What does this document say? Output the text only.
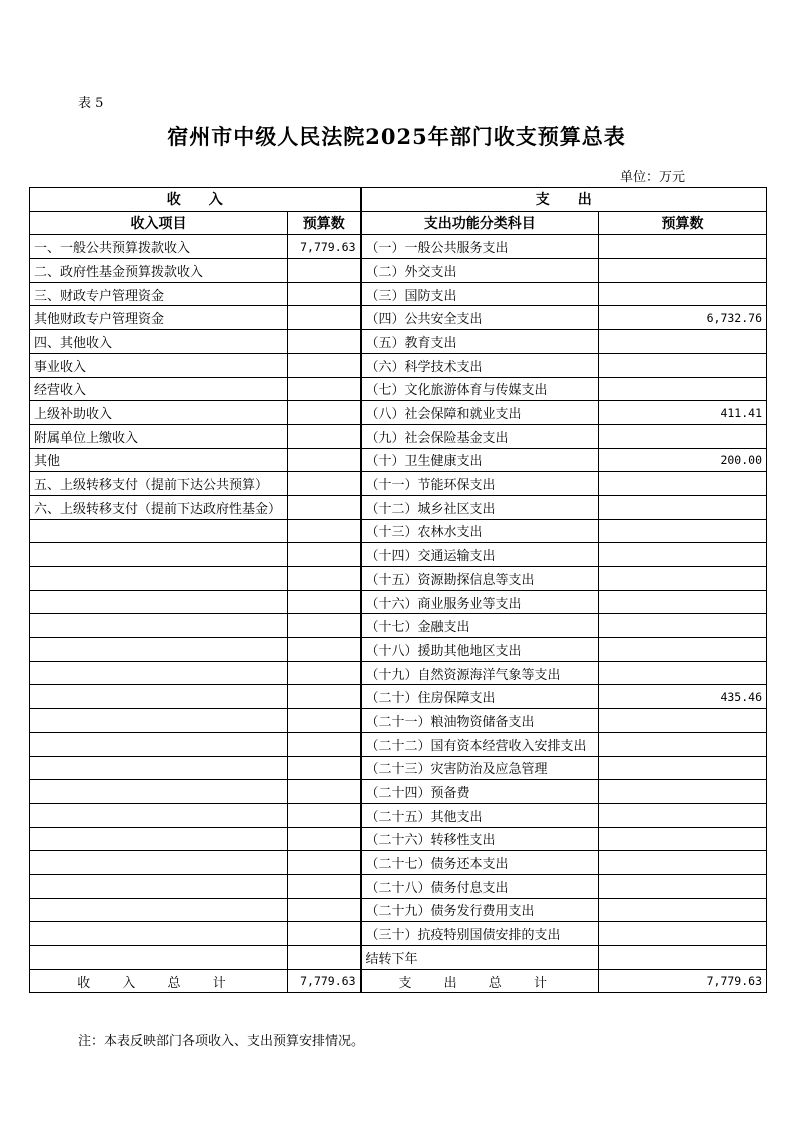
表 5
宿州市中级人民法院2025年部门收支预算总表
单位：万元
收　　入		支　　出	
收入项目	预算数	支出功能分类科目	预算数
一、一般公共预算拨款收入	7,779.63	（一）一般公共服务支出	
二、政府性基金预算拨款收入		（二）外交支出	
三、财政专户管理资金		（三）国防支出	
其他财政专户管理资金		（四）公共安全支出	6,732.76
四、其他收入		（五）教育支出	
事业收入		（六）科学技术支出	
经营收入		（七）文化旅游体育与传媒支出	
上级补助收入		（八）社会保障和就业支出	411.41
附属单位上缴收入		（九）社会保险基金支出	
其他		（十）卫生健康支出	200.00
五、上级转移支付（提前下达公共预算）		（十一）节能环保支出	
六、上级转移支付（提前下达政府性基金）		（十二）城乡社区支出	
		（十三）农林水支出	
		（十四）交通运输支出	
		（十五）资源勘探信息等支出	
		（十六）商业服务业等支出	
		（十七）金融支出	
		（十八）援助其他地区支出	
		（十九）自然资源海洋气象等支出	
		（二十）住房保障支出	435.46
		（二十一）粮油物资储备支出	
		（二十二）国有资本经营收入安排支出	
		（二十三）灾害防治及应急管理	
		（二十四）预备费	
		（二十五）其他支出	
		（二十六）转移性支出	
		（二十七）债务还本支出	
		（二十八）债务付息支出	
		（二十九）债务发行费用支出	
		（三十）抗疫特别国债安排的支出	
		结转下年	
收 入 总 计	7,779.63	支 出 总 计	7,779.63
注：本表反映部门各项收入、支出预算安排情况。
